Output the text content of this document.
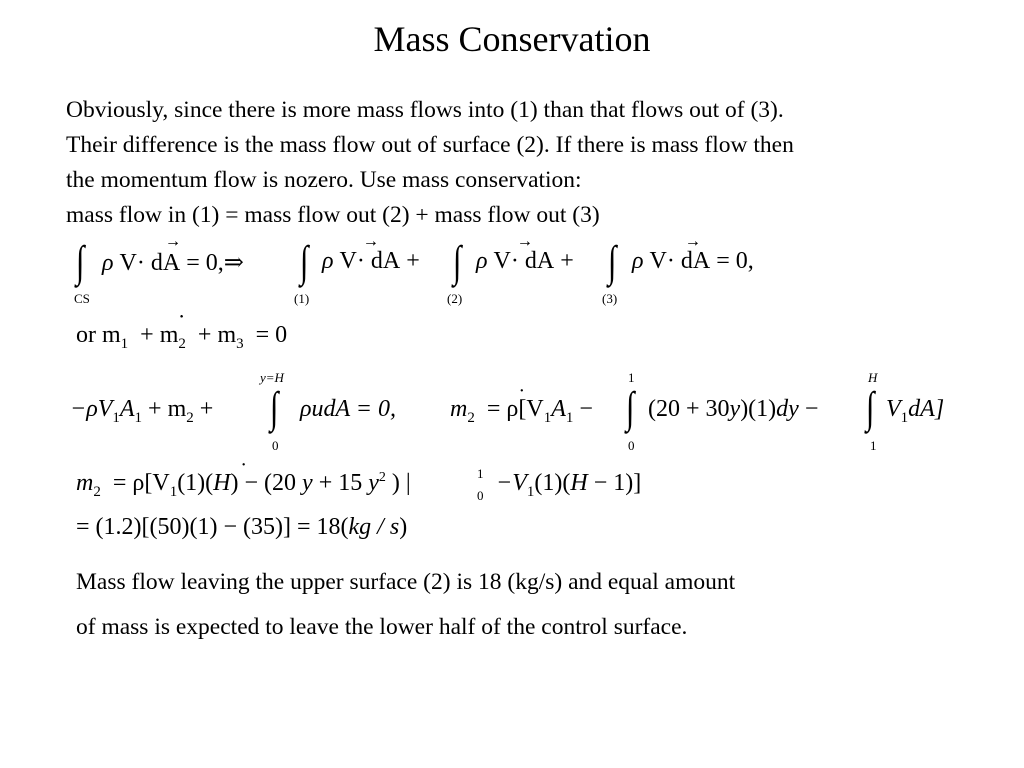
Mass Conservation
Obviously, since there is more mass flows into (1) than that flows out of (3).
Their difference is the mass flow out of surface (2). If there is mass flow then
the momentum flow is nozero. Use mass conservation:
mass flow in (1) = mass flow out (2) + mass flow out (3)
∫
CS
ρ V →· dA → = 0,⇒ ∫
(1)
ρ V →· dA → + ∫
(2)
ρ V →· dA → + ∫
(3)
ρ V →· dA → = 0,
or $m \cdot_1 + m \cdot_2 + m \cdot_3 = 0$
y=H
0
∫
1
0
∫
H
1
∫
$-\rho V_1A_1 + m_2$ +	ρudA = 0, $m \cdot_2 = \rho[V_1A_1 - (20 + 30y)(1)dy$ −	$V_1dA$]
$m \cdot_2 = \rho[V_1(1)(H) - (20$ y + 15 $y^2$ ) |	1
$0 -V_1(1)(H - 1)$]
= (1.2)[(50)(1) − (35)] = 18(kg / s)
Mass flow leaving the upper surface (2) is 18 (kg/s) and equal amount
of mass is expected to leave the lower half of the control surface.
